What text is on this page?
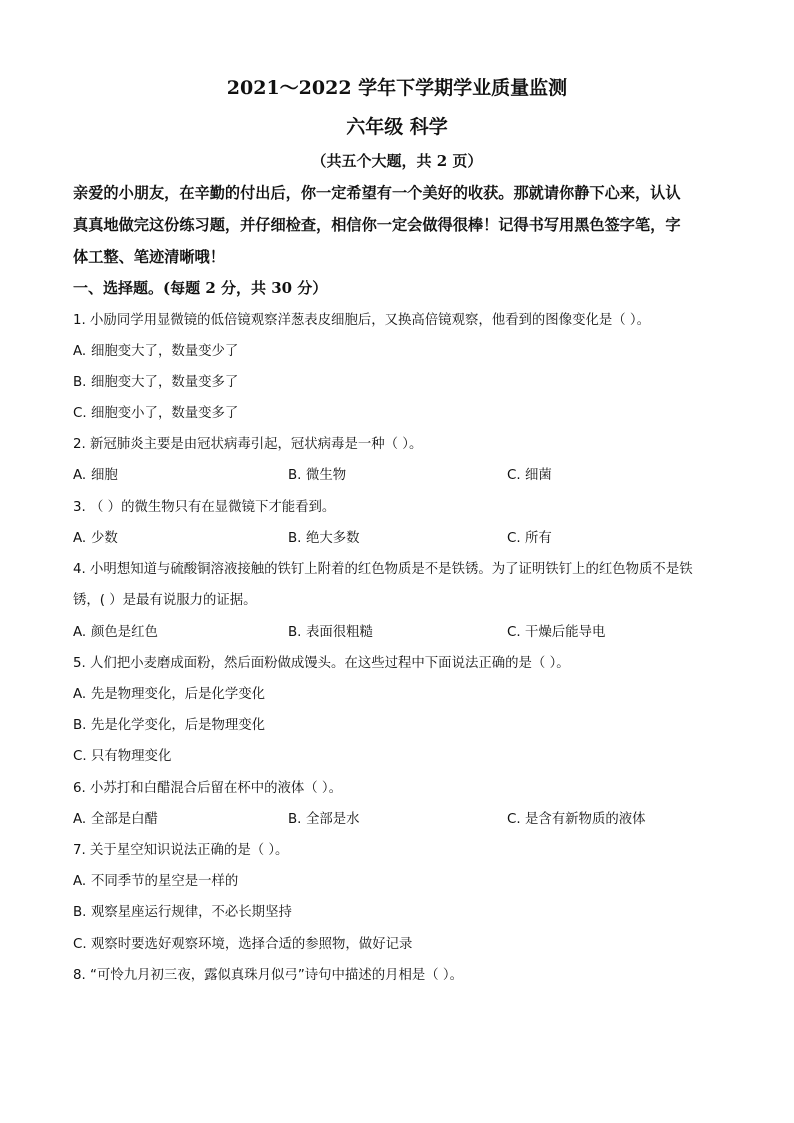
2021～2022 学年下学期学业质量监测
六年级 科学
（共五个大题，共 2 页）
亲爱的小朋友，在辛勤的付出后，你一定希望有一个美好的收获。那就请你静下心来，认认
真真地做完这份练习题，并仔细检查，相信你一定会做得很棒！记得书写用黑色签字笔，字
体工整、笔迹清晰哦！
一、选择题。(每题 2 分，共 30 分）
1. 小励同学用显微镜的低倍镜观察洋葱表皮细胞后，又换高倍镜观察，他看到的图像变化是（ ）。
A. 细胞变大了，数量变少了
B. 细胞变大了，数量变多了
C. 细胞变小了，数量变多了
2. 新冠肺炎主要是由冠状病毒引起，冠状病毒是一种（ ）。
A. 细胞	B. 微生物	C. 细菌
3. （ ）的微生物只有在显微镜下才能看到。
A. 少数	B. 绝大多数	C. 所有
4. 小明想知道与硫酸铜溶液接触的铁钉上附着的红色物质是不是铁锈。为了证明铁钉上的红色物质不是铁
锈，( ）是最有说服力的证据。
A. 颜色是红色	B. 表面很粗糙	C. 干燥后能导电
5. 人们把小麦磨成面粉，然后面粉做成馒头。在这些过程中下面说法正确的是（ ）。
A. 先是物理变化，后是化学变化
B. 先是化学变化，后是物理变化
C. 只有物理变化
6. 小苏打和白醋混合后留在杯中的液体（ ）。
A. 全部是白醋	B. 全部是水	C. 是含有新物质的液体
7. 关于星空知识说法正确的是（ ）。
A. 不同季节的星空是一样的
B. 观察星座运行规律，不必长期坚持
C. 观察时要选好观察环境，选择合适的参照物，做好记录
8. “可怜九月初三夜，露似真珠月似弓”诗句中描述的月相是（ ）。
